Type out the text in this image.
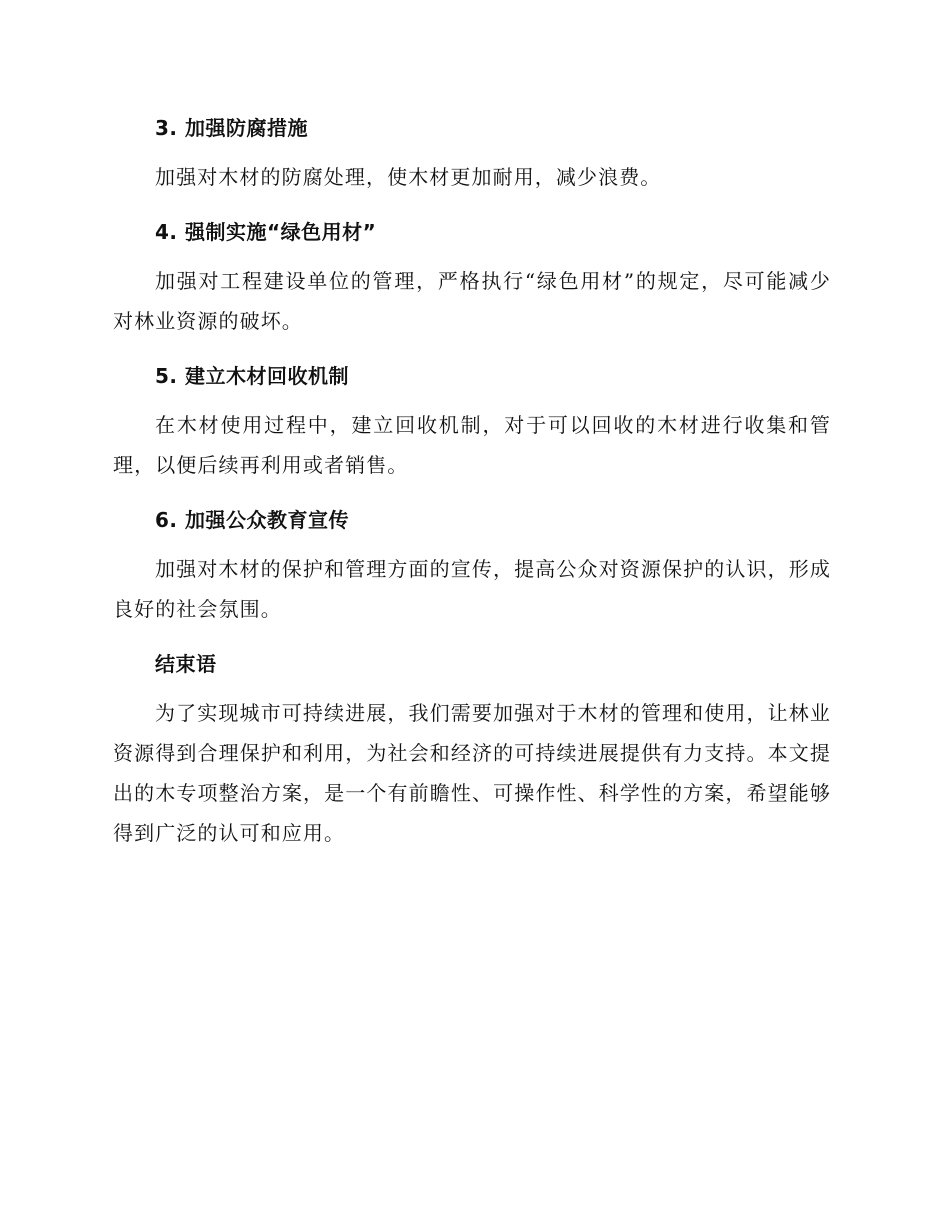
3. 加强防腐措施

加强对木材的防腐处理，使木材更加耐用，减少浪费。

4. 强制实施“绿色用材”

加强对工程建设单位的管理，严格执行“绿色用材”的规定，尽可能减少对林业资源的破坏。

5. 建立木材回收机制

在木材使用过程中，建立回收机制，对于可以回收的木材进行收集和管理，以便后续再利用或者销售。

6. 加强公众教育宣传

加强对木材的保护和管理方面的宣传，提高公众对资源保护的认识，形成良好的社会氛围。

结束语

为了实现城市可持续进展，我们需要加强对于木材的管理和使用，让林业资源得到合理保护和利用，为社会和经济的可持续进展提供有力支持。本文提出的木专项整治方案，是一个有前瞻性、可操作性、科学性的方案，希望能够得到广泛的认可和应用。
